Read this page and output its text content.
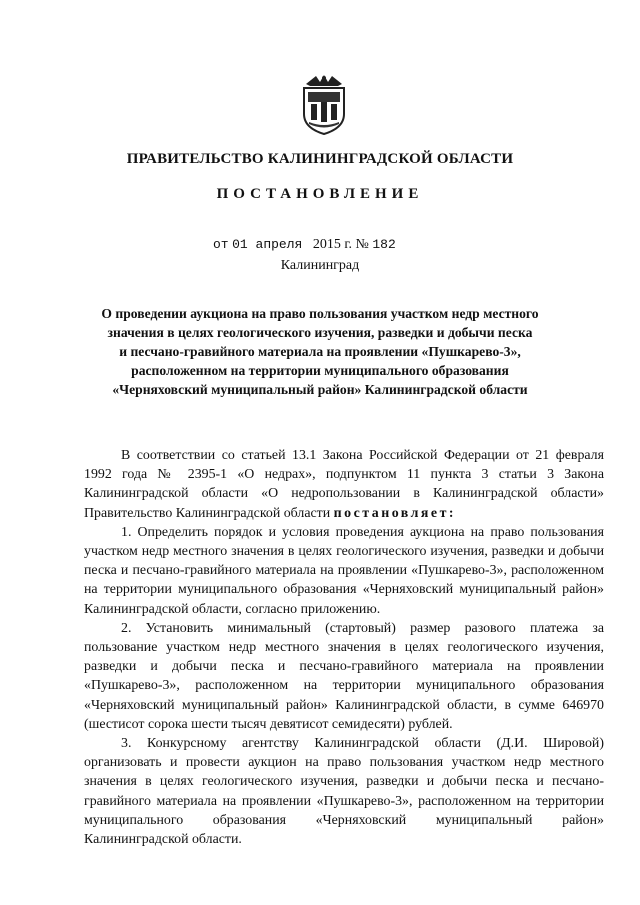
ПРАВИТЕЛЬСТВО КАЛИНИНГРАДСКОЙ ОБЛАСТИ
ПОСТАНОВЛЕНИЕ
от 01 апреля 2015 г. № 182
Калининград
О проведении аукциона на право пользования участком недр местного
значения в целях геологического изучения, разведки и добычи песка
и песчано-гравийного материала на проявлении «Пушкарево-3»,
расположенном на территории муниципального образования
«Черняховский муниципальный район» Калининградской области

В соответствии со статьей 13.1 Закона Российской Федерации от 21 февраля 1992 года № 2395-1 «О недрах», подпунктом 11 пункта 3 статьи 3 Закона Калининградской области «О недропользовании в Калининградской области» Правительство Калининградской области постановляет:

1. Определить порядок и условия проведения аукциона на право пользования участком недр местного значения в целях геологического изучения, разведки и добычи песка и песчано-гравийного материала на проявлении «Пушкарево-3», расположенном на территории муниципального образования «Черняховский муниципальный район» Калининградской области, согласно приложению.

2. Установить минимальный (стартовый) размер разового платежа за пользование участком недр местного значения в целях геологического изучения, разведки и добычи песка и песчано-гравийного материала на проявлении «Пушкарево-3», расположенном на территории муниципального образования «Черняховский муниципальный район» Калининградской области, в сумме 646970 (шестисот сорока шести тысяч девятисот семидесяти) рублей.

3. Конкурсному агентству Калининградской области (Д.И. Шировой) организовать и провести аукцион на право пользования участком недр местного значения в целях геологического изучения, разведки и добычи песка и песчано-гравийного материала на проявлении «Пушкарево-3», расположенном на территории муниципального образования «Черняховский муниципальный район» Калининградской области.
